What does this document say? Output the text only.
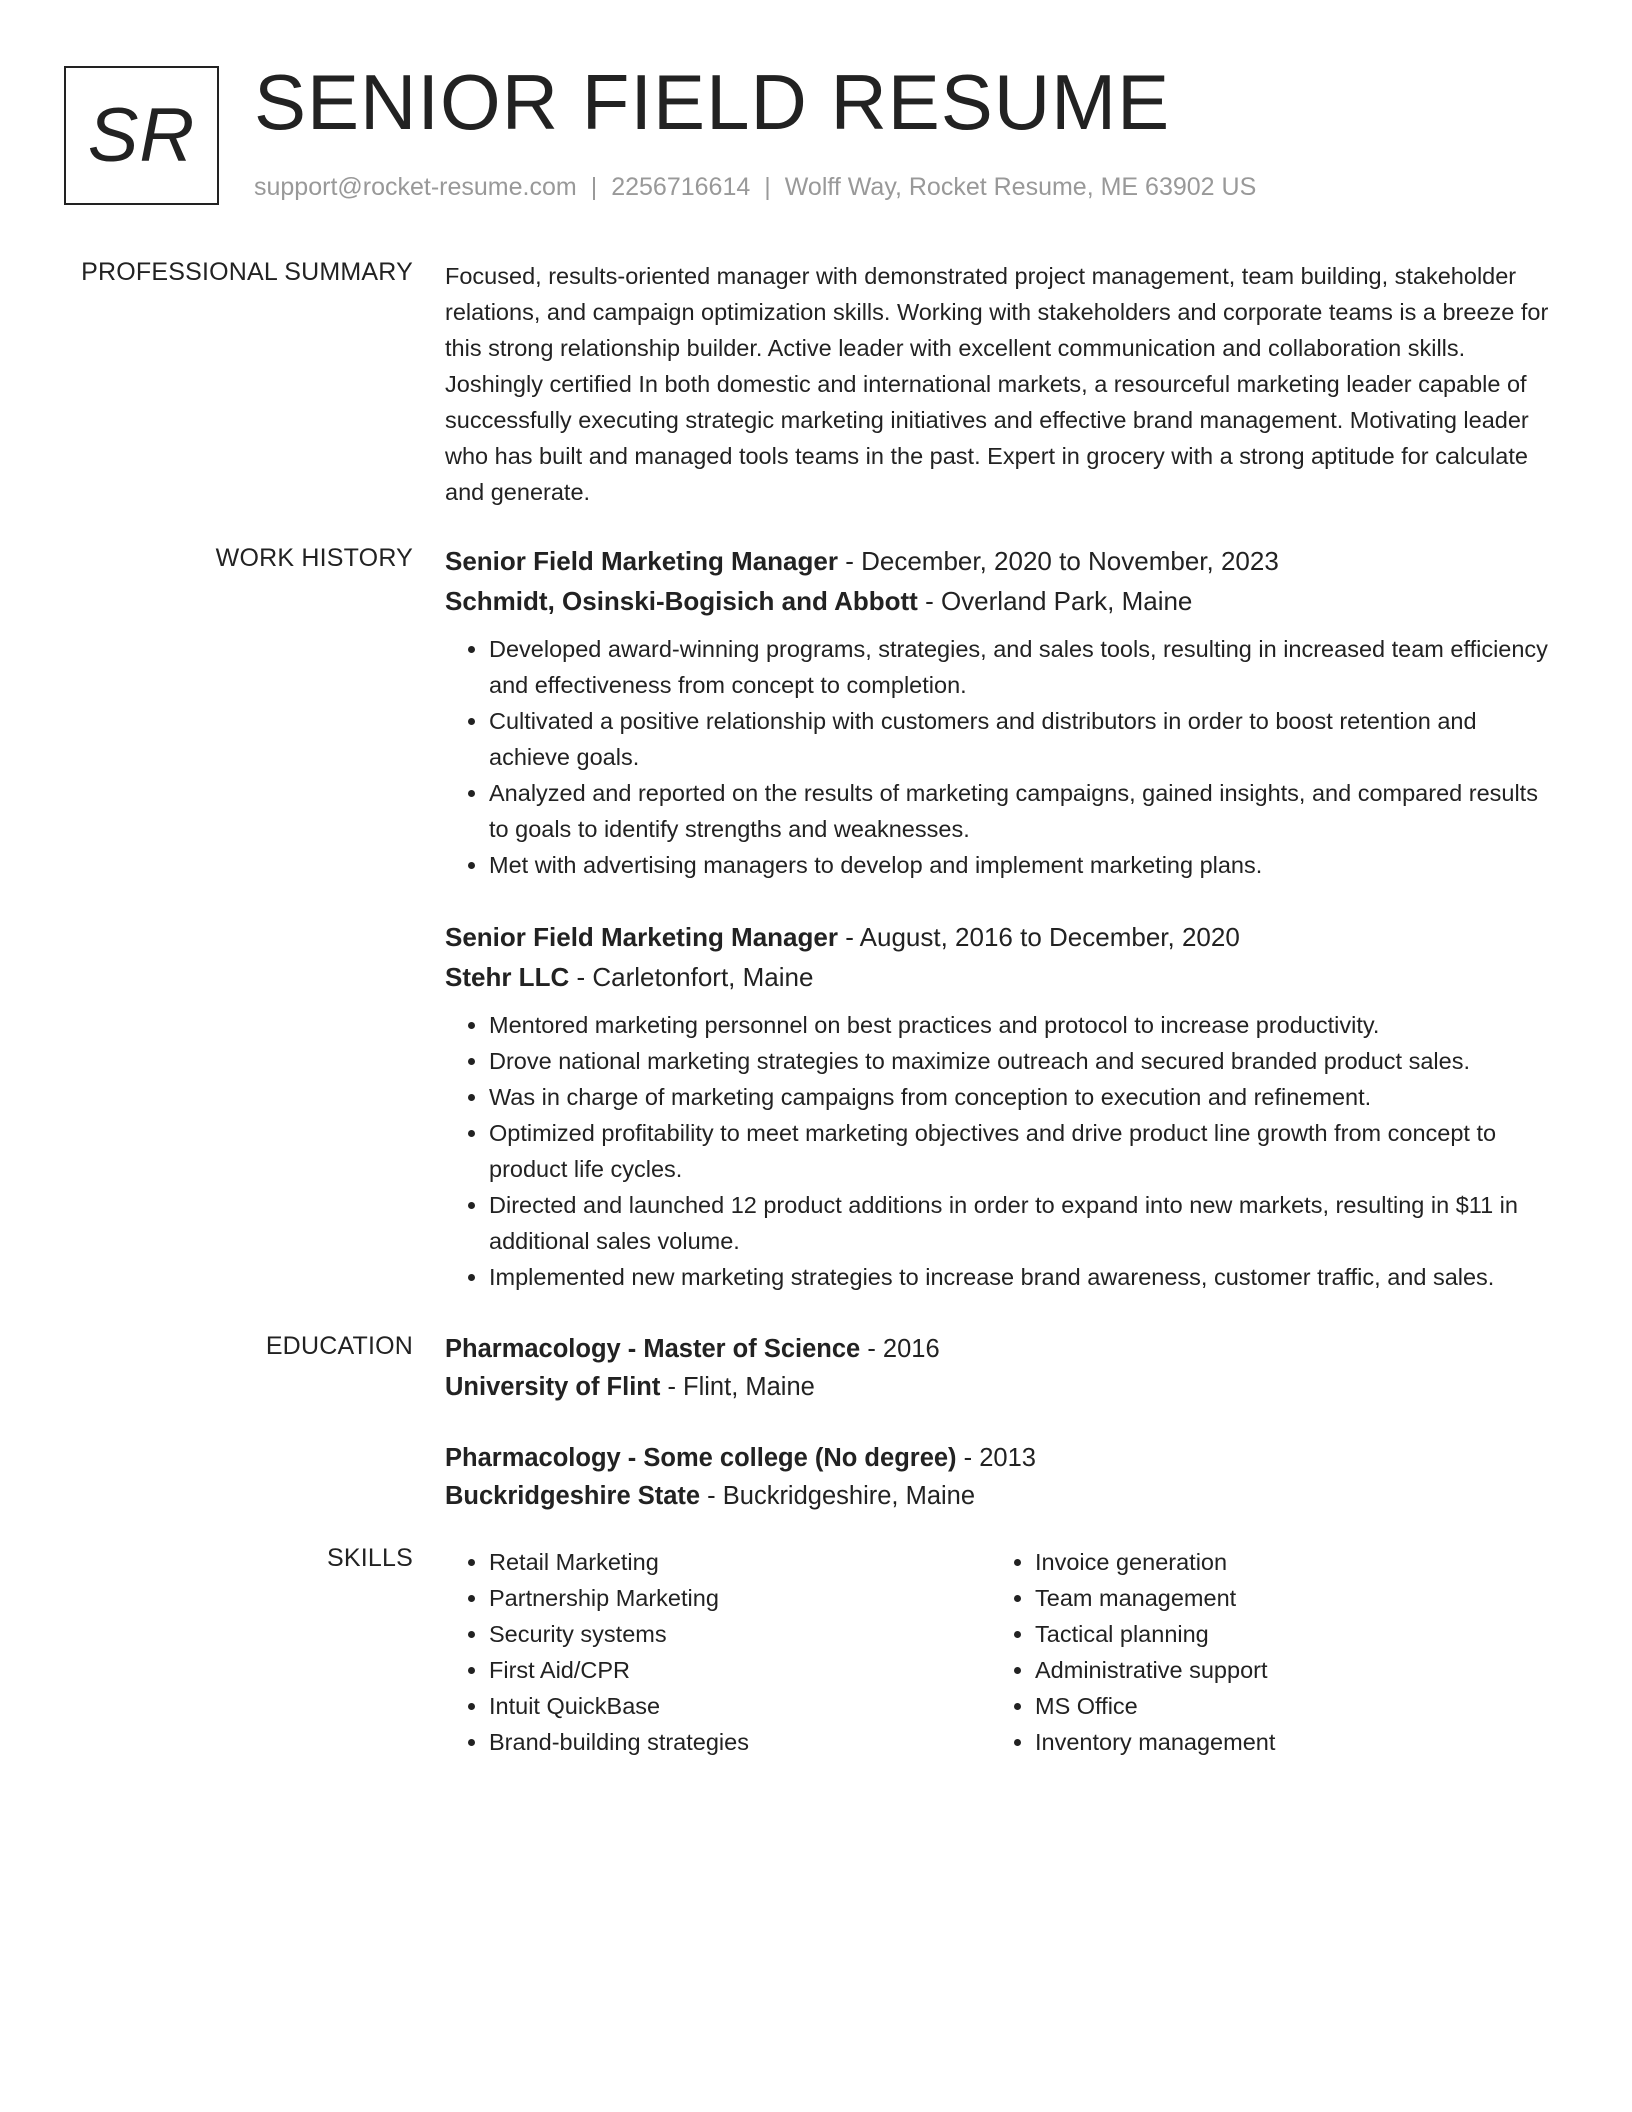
SR SENIOR FIELD RESUME
support@rocket-resume.com | 2256716614 | Wolff Way, Rocket Resume, ME 63902 US
PROFESSIONAL SUMMARY Focused, results-oriented manager with demonstrated project management, team building, stakeholder relations, and campaign optimization skills. Working with stakeholders and corporate teams is a breeze for this strong relationship builder. Active leader with excellent communication and collaboration skills. Joshingly certified In both domestic and international markets, a resourceful marketing leader capable of successfully executing strategic marketing initiatives and effective brand management. Motivating leader who has built and managed tools teams in the past. Expert in grocery with a strong aptitude for calculate and generate.

WORK HISTORY Senior Field Marketing Manager - December, 2020 to November, 2023
Schmidt, Osinski-Bogisich and Abbott - Overland Park, Maine
• Developed award-winning programs, strategies, and sales tools, resulting in increased team efficiency and effectiveness from concept to completion.
• Cultivated a positive relationship with customers and distributors in order to boost retention and achieve goals.
• Analyzed and reported on the results of marketing campaigns, gained insights, and compared results to goals to identify strengths and weaknesses.
• Met with advertising managers to develop and implement marketing plans.
Senior Field Marketing Manager - August, 2016 to December, 2020
Stehr LLC - Carletonfort, Maine
• Mentored marketing personnel on best practices and protocol to increase productivity.
• Drove national marketing strategies to maximize outreach and secured branded product sales.
• Was in charge of marketing campaigns from conception to execution and refinement.
• Optimized profitability to meet marketing objectives and drive product line growth from concept to product life cycles.
• Directed and launched 12 product additions in order to expand into new markets, resulting in $11 in additional sales volume.
• Implemented new marketing strategies to increase brand awareness, customer traffic, and sales.
EDUCATION Pharmacology - Master of Science - 2016
University of Flint - Flint, Maine
Pharmacology - Some college (No degree) - 2013
Buckridgeshire State - Buckridgeshire, Maine
SKILLS
•	Retail Marketing
• Partnership Marketing
• Security systems
• First Aid/CPR
• Intuit QuickBase
• Brand-building strategies
• Invoice generation
• Team management
• Tactical planning
• Administrative support
• MS Office
• Inventory management
